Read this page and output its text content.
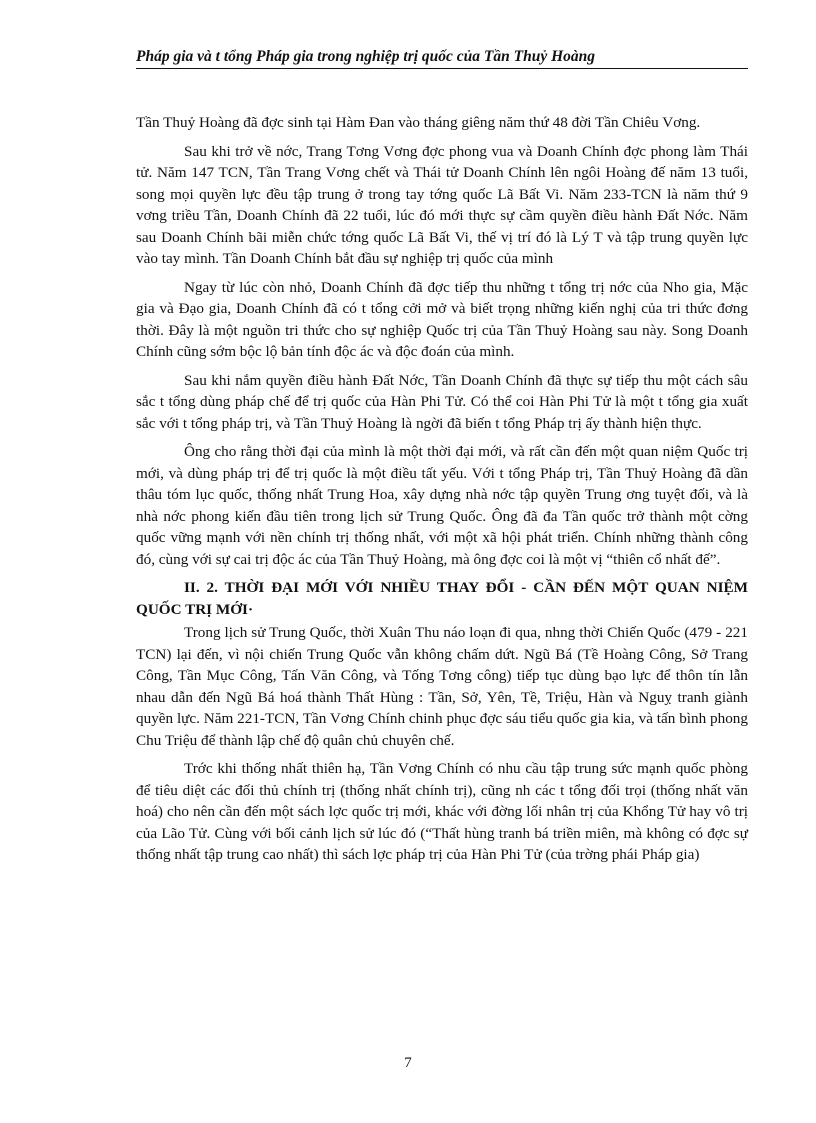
Pháp gia và t tổng Pháp gia trong nghiệp trị quốc của Tần Thuỷ Hoàng

Tần Thuỷ Hoàng đã đợc sinh tại Hàm Đan vào tháng giêng năm thứ 48 đời Tần Chiêu Vơng.

Sau khi trở về nớc, Trang Tơng Vơng đợc phong vua và Doanh Chính đợc phong làm Thái tử. Năm 147 TCN, Tần Trang Vơng chết và Thái tử Doanh Chính lên ngôi Hoàng đế năm 13 tuổi, song mọi quyền lực đều tập trung ở trong tay tớng quốc Lã Bất Vi. Năm 233-TCN là năm thứ 9 vơng triều Tần, Doanh Chính đã 22 tuổi, lúc đó mới thực sự cầm quyền điều hành Đất Nớc. Năm sau Doanh Chính bãi miễn chức tớng quốc Lã Bất Vi, thế vị trí đó là Lý T và tập trung quyền lực vào tay mình. Tần Doanh Chính bắt đầu sự nghiệp trị quốc của mình

Ngay từ lúc còn nhỏ, Doanh Chính đã đợc tiếp thu những t tổng trị nớc của Nho gia, Mặc gia và Đạo gia, Doanh Chính đã có t tổng cởi mở và biết trọng những kiến nghị của tri thức đơng thời. Đây là một nguồn tri thức cho sự nghiệp Quốc trị của Tần Thuỷ Hoàng sau này. Song Doanh Chính cũng sớm bộc lộ bản tính độc ác và độc đoán của mình.

Sau khi nắm quyền điều hành Đất Nớc, Tần Doanh Chính đã thực sự tiếp thu một cách sâu sắc t tổng dùng pháp chế để trị quốc của Hàn Phi Tử. Có thể coi Hàn Phi Tử là một t tổng gia xuất sắc với t tổng pháp trị, và Tần Thuỷ Hoàng là ngời đã biến t tổng Pháp trị ấy thành hiện thực.

Ông cho rằng thời đại của mình là một thời đại mới, và rất cần đến một quan niệm Quốc trị mới, và dùng pháp trị để trị quốc là một điều tất yếu. Với t tổng Pháp trị, Tần Thuỷ Hoàng đã dần thâu tóm lục quốc, thống nhất Trung Hoa, xây dựng nhà nớc tập quyền Trung ơng tuyệt đối, và là nhà nớc phong kiến đầu tiên trong lịch sử Trung Quốc. Ông đã đa Tần quốc trở thành một cờng quốc vững mạnh với nền chính trị thống nhất, với một xã hội phát triển. Chính những thành công đó, cùng với sự cai trị độc ác của Tần Thuỷ Hoàng, mà ông đợc coi là một vị “thiên cổ nhất đế”.

II. 2. THỜI ĐẠI MỚI VỚI NHIỀU THAY ĐỔI - CẦN ĐẾN MỘT QUAN NIỆM QUỐC TRỊ MỚI·

Trong lịch sử Trung Quốc, thời Xuân Thu náo loạn đi qua, nhng thời Chiến Quốc (479 - 221 TCN) lại đến, vì nội chiến Trung Quốc vẫn không chấm dứt. Ngũ Bá (Tề Hoàng Công, Sở Trang Công, Tần Mục Công, Tấn Văn Công, và Tống Tơng công) tiếp tục dùng bạo lực để thôn tín lẫn nhau dẫn đến Ngũ Bá hoá thành Thất Hùng : Tần, Sở, Yên, Tề, Triệu, Hàn và Nguỵ tranh giành quyền lực. Năm 221-TCN, Tần Vơng Chính chinh phục đợc sáu tiểu quốc gia kia, và tấn bình phong Chu Triệu để thành lập chế độ quân chủ chuyên chế.

Trớc khi thống nhất thiên hạ, Tần Vơng Chính có nhu cầu tập trung sức mạnh quốc phòng để tiêu diệt các đối thủ chính trị (thống nhất chính trị), cũng nh các t tổng đối trọi (thống nhất văn hoá) cho nên cần đến một sách lợc quốc trị mới, khác với đờng lối nhân trị của Khổng Tử hay vô trị của Lão Tử. Cùng với bối cảnh lịch sử lúc đó (“Thất hùng tranh bá triền miên, mà không có đợc sự thống nhất tập trung cao nhất) thì sách lợc pháp trị của Hàn Phi Tử (của trờng phái Pháp gia)

7
